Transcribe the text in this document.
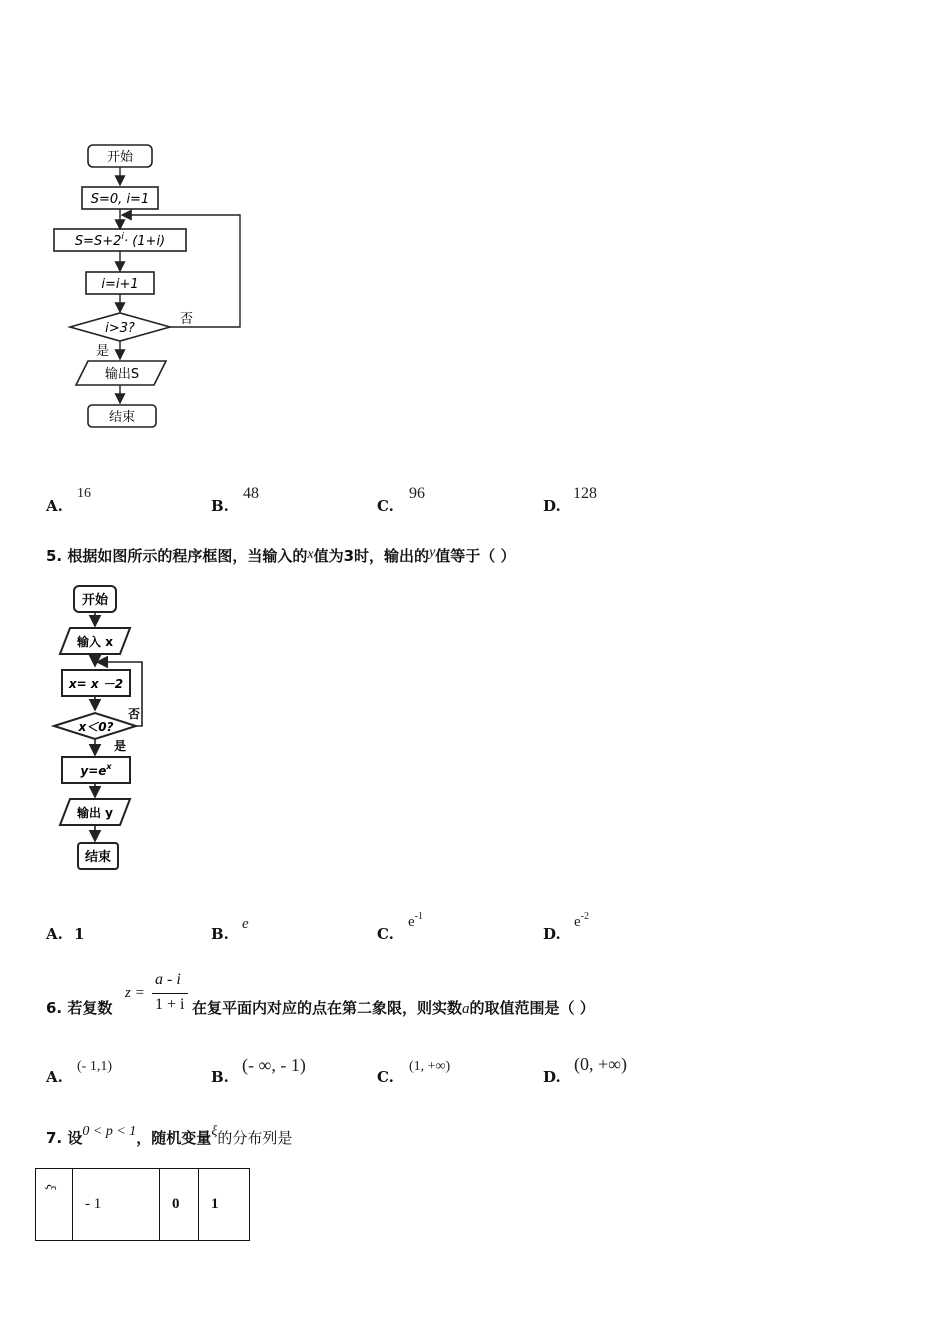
开始
S=0, i=1
$S=S+2^i\cdot (1+i)$
i=i+1
i>3?
否
是
输出S
结束
A.
16
B.
48
C.
96
D.
128
5. 根据如图所示的程序框图，当输入的x值为3时，输出的y值等于（ ）
开始
输入 x
x= x －2
x＜0?
否
是
$y=e^x$
输出 y
结束
A. 1	B.
e
C.
$e^{-1}$
D.
$e^{-2}$
6. 若复数
z =
a - i
1 + i 在复平面内对应的点在第二象限，则实数a的取值范围是（ ）
A.
(- 1,1)
B.
(- ∞, - 1)
C.
(1, +∞)
D.
(0, +∞)
7. 设0 < p < 1，随机变量ξ的分布列是
ξ	- 1	0	1
